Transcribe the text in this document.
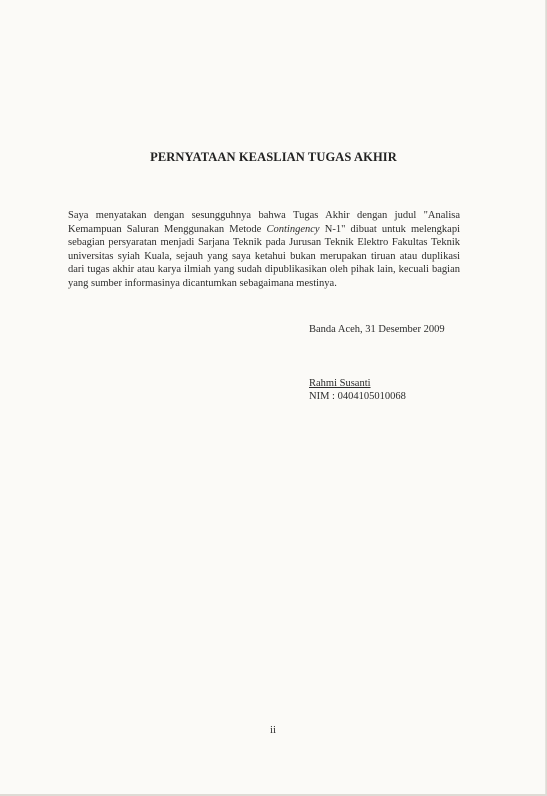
PERNYATAAN KEASLIAN TUGAS AKHIR

Saya menyatakan dengan sesungguhnya bahwa Tugas Akhir dengan judul "Analisa Kemampuan Saluran Menggunakan Metode Contingency N-1" dibuat untuk melengkapi sebagian persyaratan menjadi Sarjana Teknik pada Jurusan Teknik Elektro Fakultas Teknik universitas syiah Kuala, sejauh yang saya ketahui bukan merupakan tiruan atau duplikasi dari tugas akhir atau karya ilmiah yang sudah dipublikasikan oleh pihak lain, kecuali bagian yang sumber informasinya dicantumkan sebagaimana mestinya.

Banda Aceh, 31 Desember 2009
Rahmi Susanti
NIM : 0404105010068
ii
